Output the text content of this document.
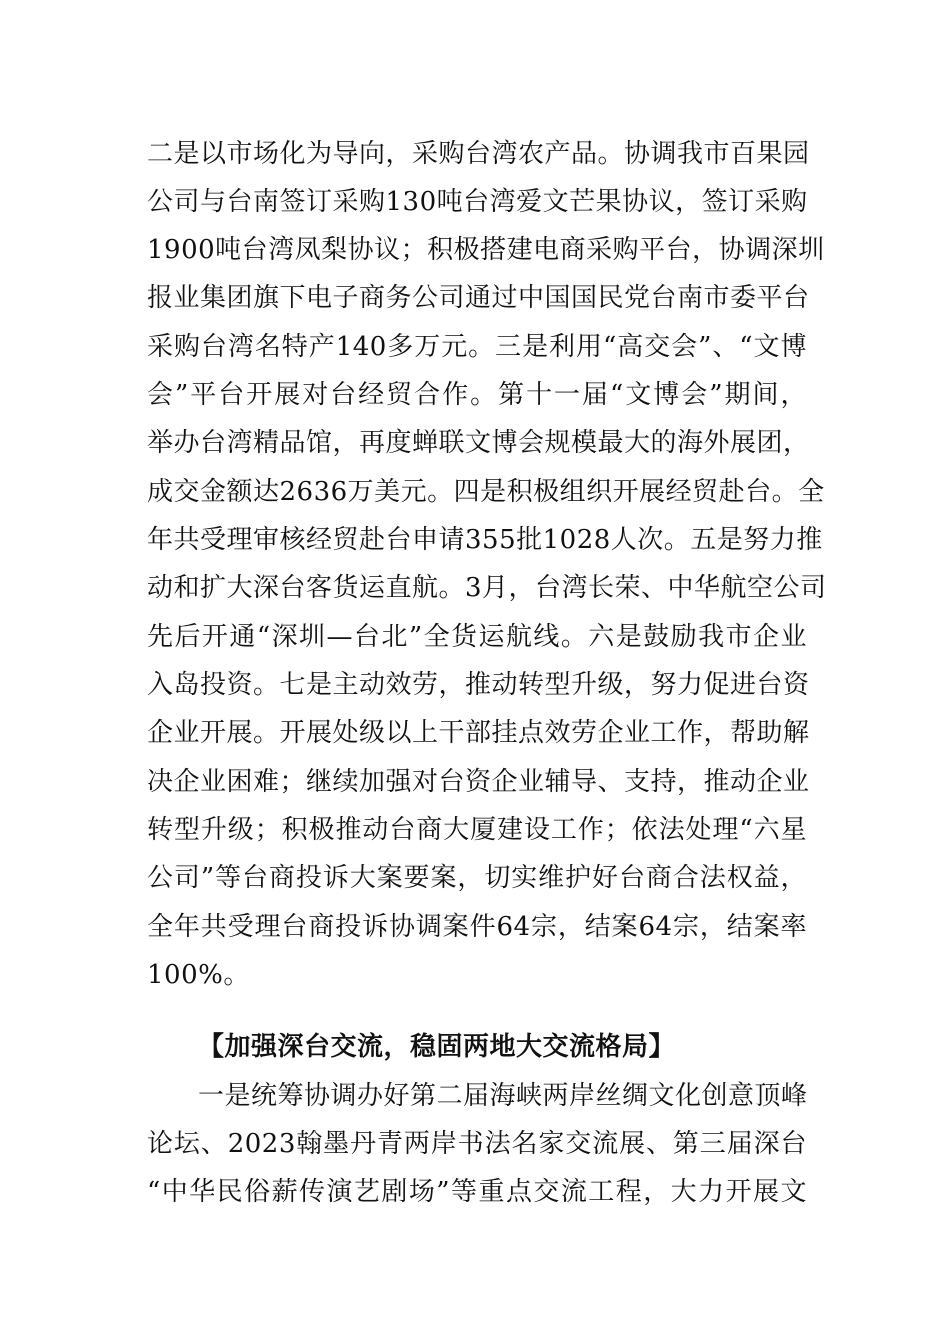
二是以市场化为导向，采购台湾农产品。协调我市百果园
公司与台南签订采购130吨台湾爱文芒果协议，签订采购
1900吨台湾凤梨协议；积极搭建电商采购平台，协调深圳
报业集团旗下电子商务公司通过中国国民党台南市委平台
采购台湾名特产140多万元。三是利用“高交会”、“文博
会”平台开展对台经贸合作。第十一届“文博会”期间，
举办台湾精品馆，再度蝉联文博会规模最大的海外展团，
成交金额达2636万美元。四是积极组织开展经贸赴台。全
年共受理审核经贸赴台申请355批1028人次。五是努力推
动和扩大深台客货运直航。3月，台湾长荣、中华航空公司
先后开通“深圳—台北”全货运航线。六是鼓励我市企业
入岛投资。七是主动效劳，推动转型升级，努力促进台资
企业开展。开展处级以上干部挂点效劳企业工作，帮助解
决企业困难；继续加强对台资企业辅导、支持，推动企业
转型升级；积极推动台商大厦建设工作；依法处理“六星
公司”等台商投诉大案要案，切实维护好台商合法权益，
全年共受理台商投诉协调案件64宗，结案64宗，结案率
100%。
【加强深台交流，稳固两地大交流格局】
一是统筹协调办好第二届海峡两岸丝绸文化创意顶峰
论坛、2023翰墨丹青两岸书法名家交流展、第三届深台
“中华民俗薪传演艺剧场”等重点交流工程，大力开展文
